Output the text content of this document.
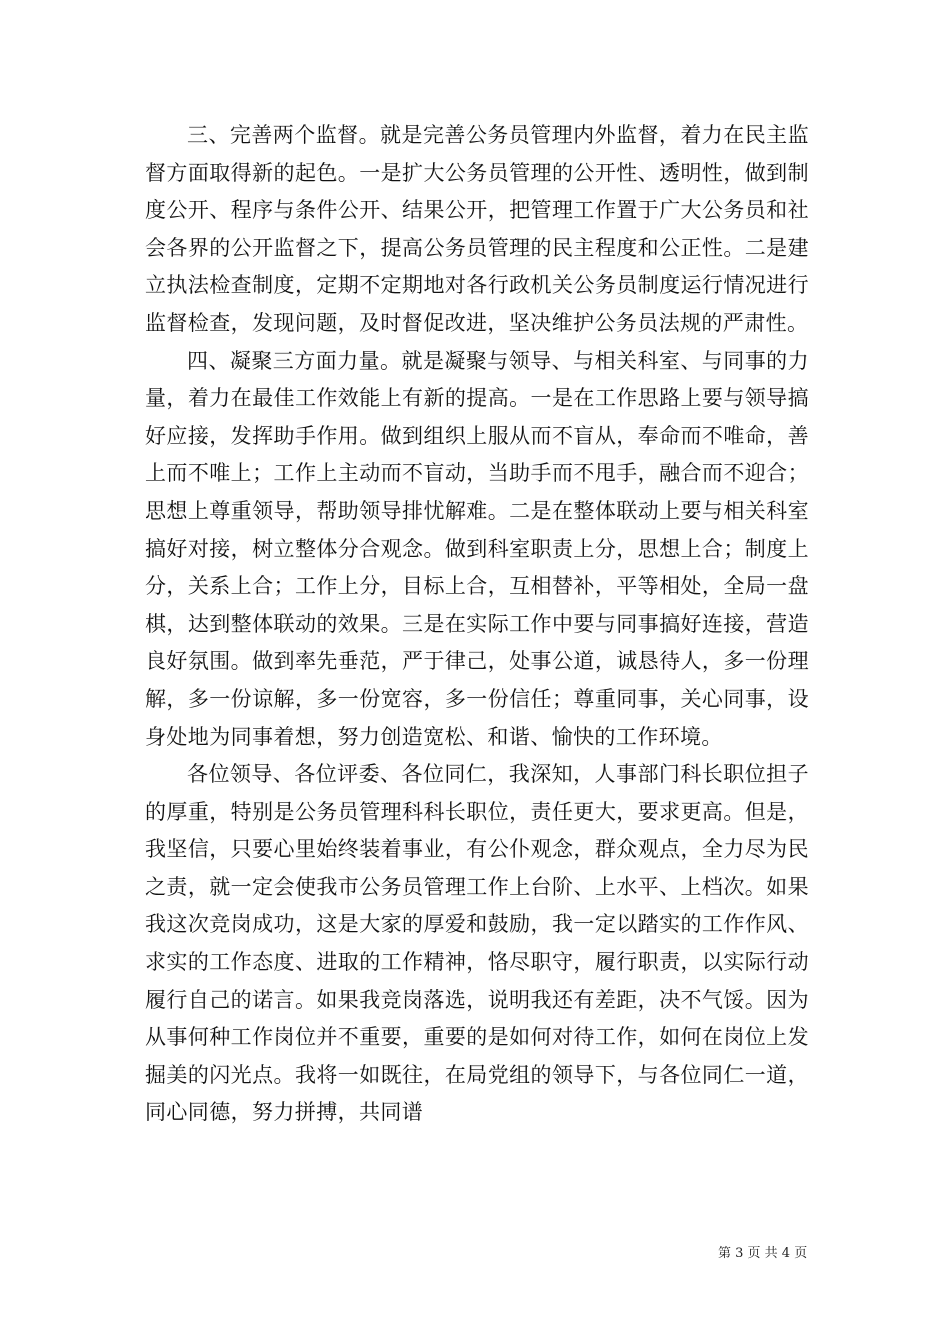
三、完善两个监督。就是完善公务员管理内外监督，着力在民主监督方面取得新的起色。一是扩大公务员管理的公开性、透明性，做到制度公开、程序与条件公开、结果公开，把管理工作置于广大公务员和社会各界的公开监督之下，提高公务员管理的民主程度和公正性。二是建立执法检查制度，定期不定期地对各行政机关公务员制度运行情况进行监督检查，发现问题，及时督促改进，坚决维护公务员法规的严肃性。

四、凝聚三方面力量。就是凝聚与领导、与相关科室、与同事的力量，着力在最佳工作效能上有新的提高。一是在工作思路上要与领导搞好应接，发挥助手作用。做到组织上服从而不盲从，奉命而不唯命，善上而不唯上；工作上主动而不盲动，当助手而不甩手，融合而不迎合；思想上尊重领导，帮助领导排忧解难。二是在整体联动上要与相关科室搞好对接，树立整体分合观念。做到科室职责上分，思想上合；制度上分，关系上合；工作上分，目标上合，互相替补，平等相处，全局一盘棋，达到整体联动的效果。三是在实际工作中要与同事搞好连接，营造良好氛围。做到率先垂范，严于律己，处事公道，诚恳待人，多一份理解，多一份谅解，多一份宽容，多一份信任；尊重同事，关心同事，设身处地为同事着想，努力创造宽松、和谐、愉快的工作环境。

各位领导、各位评委、各位同仁，我深知，人事部门科长职位担子的厚重，特别是公务员管理科科长职位，责任更大，要求更高。但是，我坚信，只要心里始终装着事业，有公仆观念，群众观点，全力尽为民之责，就一定会使我市公务员管理工作上台阶、上水平、上档次。如果我这次竞岗成功，这是大家的厚爱和鼓励，我一定以踏实的工作作风、求实的工作态度、进取的工作精神，恪尽职守，履行职责，以实际行动履行自己的诺言。如果我竞岗落选，说明我还有差距，决不气馁。因为从事何种工作岗位并不重要，重要的是如何对待工作，如何在岗位上发掘美的闪光点。我将一如既往，在局党组的领导下，与各位同仁一道，同心同德，努力拼搏，共同谱

第 3 页 共 4 页
